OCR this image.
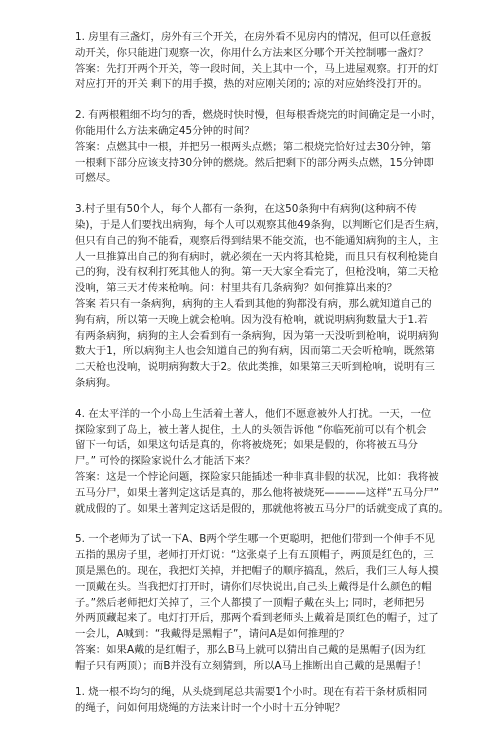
1. 房里有三盏灯，房外有三个开关，在房外看不见房内的情况，但可以任意扳
动开关，你只能进门观察一次，你用什么方法来区分哪个开关控制哪一盏灯？
答案：先打开两个开关，等一段时间，关上其中一个，马上进屋观察。打开的灯
对应打开的开关 剩下的用手摸，热的对应刚关闭的; 凉的对应始终没打开的。
2. 有两根粗细不均匀的香，燃烧时快时慢，但每根香烧完的时间确定是一小时，
你能用什么方法来确定45分钟的时间？
答案：点燃其中一根，并把另一根两头点燃；第二根烧完恰好过去30分钟，第
一根剩下部分应该支持30分钟的燃烧。然后把剩下的部分两头点燃，15分钟即
可燃尽。
3.村子里有50个人，每个人都有一条狗，在这50条狗中有病狗(这种病不传
染)，于是人们要找出病狗，每个人可以观察其他49条狗，以判断它们是否生病，
但只有自己的狗不能看，观察后得到结果不能交流，也不能通知病狗的主人，主
人一旦推算出自己的狗有病时，就必须在一天内将其枪毙，而且只有权利枪毙自
己的狗，没有权利打死其他人的狗。第一天大家全看完了，但枪没响，第二天枪
没响，第三天才传来枪响。问：村里共有几条病狗？如何推算出来的？
答案 若只有一条病狗，病狗的主人看到其他的狗都没有病，那么就知道自己的
狗有病，所以第一天晚上就会枪响。因为没有枪响，就说明病狗数量大于1.若
有两条病狗，病狗的主人会看到有一条病狗，因为第一天没听到枪响，说明病狗
数大于1，所以病狗主人也会知道自己的狗有病，因而第二天会听枪响，既然第
二天枪也没响，说明病狗数大于2。依此类推，如果第三天听到枪响，说明有三
条病狗。
4. 在太平洋的一个小岛上生活着土著人，他们不愿意被外人打扰。一天，一位
探险家到了岛上，被土著人捉住，土人的头领告诉他 “你临死前可以有个机会
留下一句话，如果这句话是真的，你将被烧死；如果是假的，你将被五马分
尸。” 可怜的探险家说什么才能活下来？
答案：这是一个悖论问题，探险家只能插述一种非真非假的状况，比如：我将被
五马分尸，如果土著判定这话是真的，那么他将被烧死————这样“五马分尸”
就成假的了。如果土著判定这话是假的，那就他将被五马分尸的话就变成了真的。
5. 一个老师为了试一下A、B两个学生哪一个更聪明，把他们带到一个伸手不见
五指的黑房子里，老师打开灯说：“这张桌子上有五顶帽子，两顶是红色的，三
顶是黑色的。现在，我把灯关掉，并把帽子的顺序搞乱，然后，我们三人每人摸
一顶戴在头。当我把灯打开时，请你们尽快说出,自己头上戴得是什么颜色的帽
子。”然后老师把灯关掉了，三个人都摸了一顶帽子戴在头上; 同时，老师把另
外两顶藏起来了。电灯打开后，那两个看到老师头上戴着是顶红色的帽子，过了
一会儿，A喊到：“我戴得是黑帽子”，请问A是如何推理的？
答案：如果A戴的是红帽子，那么B马上就可以猜出自己戴的是黑帽子(因为红
帽子只有两顶）；而B并没有立刻猜到，所以A马上推断出自己戴的是黑帽子！
1. 烧一根不均匀的绳，从头烧到尾总共需要1个小时。现在有若干条材质相同
的绳子，问如何用烧绳的方法来计时一个小时十五分钟呢？
